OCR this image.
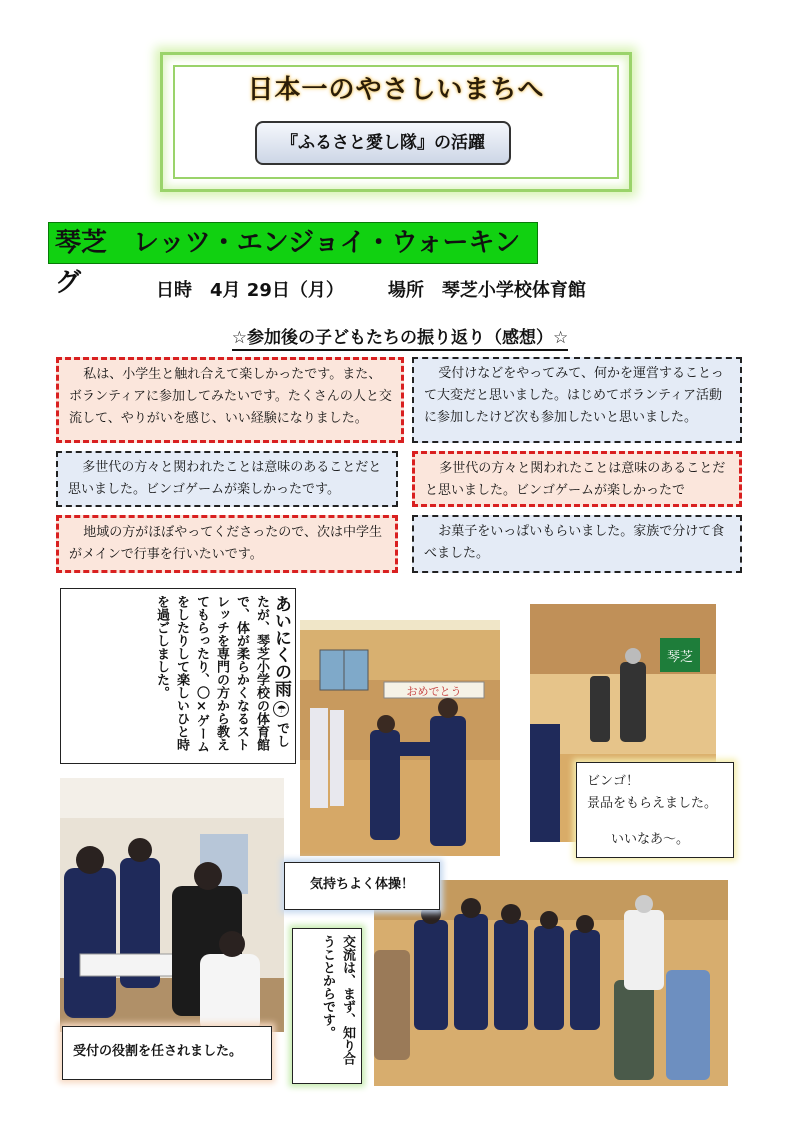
日本一のやさしいまちへ
『ふるさと愛し隊』の活躍
琴芝　レッツ・エンジョイ・ウォーキング	日時　4月 29日（月） 場所　琴芝小学校体育館
☆参加後の子どもたちの振り返り（感想）☆
私は、小学生と触れ合えて楽しかったです。また、ボランティアに参加してみたいです。たくさんの人と交流して、やりがいを感じ、いい経験になりました。
受付けなどをやってみて、何かを運営することって大変だと思いました。はじめてボランティア活動に参加したけど次も参加したいと思いました。
多世代の方々と関われたことは意味のあることだと思いました。ビンゴゲームが楽しかったです。
多世代の方々と関われたことは意味のあることだと思いました。ビンゴゲームが楽しかったで
地域の方がほぼやってくださったので、次は中学生がメインで行事を行いたいです。
お菓子をいっぱいもらいました。家族で分けて食べました。
あいにくの雨☂ でしたが、琴芝小学校の体育館で、体が柔らかくなるストレッチを専門の方から教えてもらったり、〇×ゲームをしたりして楽しいひと時を過ごしました。	おめでとう
琴芝
ビンゴ！
景品をもらえました。
いいなあ～。
気持ちよく体操！
交流は、まず、知り合うことからです。
受付の役割を任されました。
